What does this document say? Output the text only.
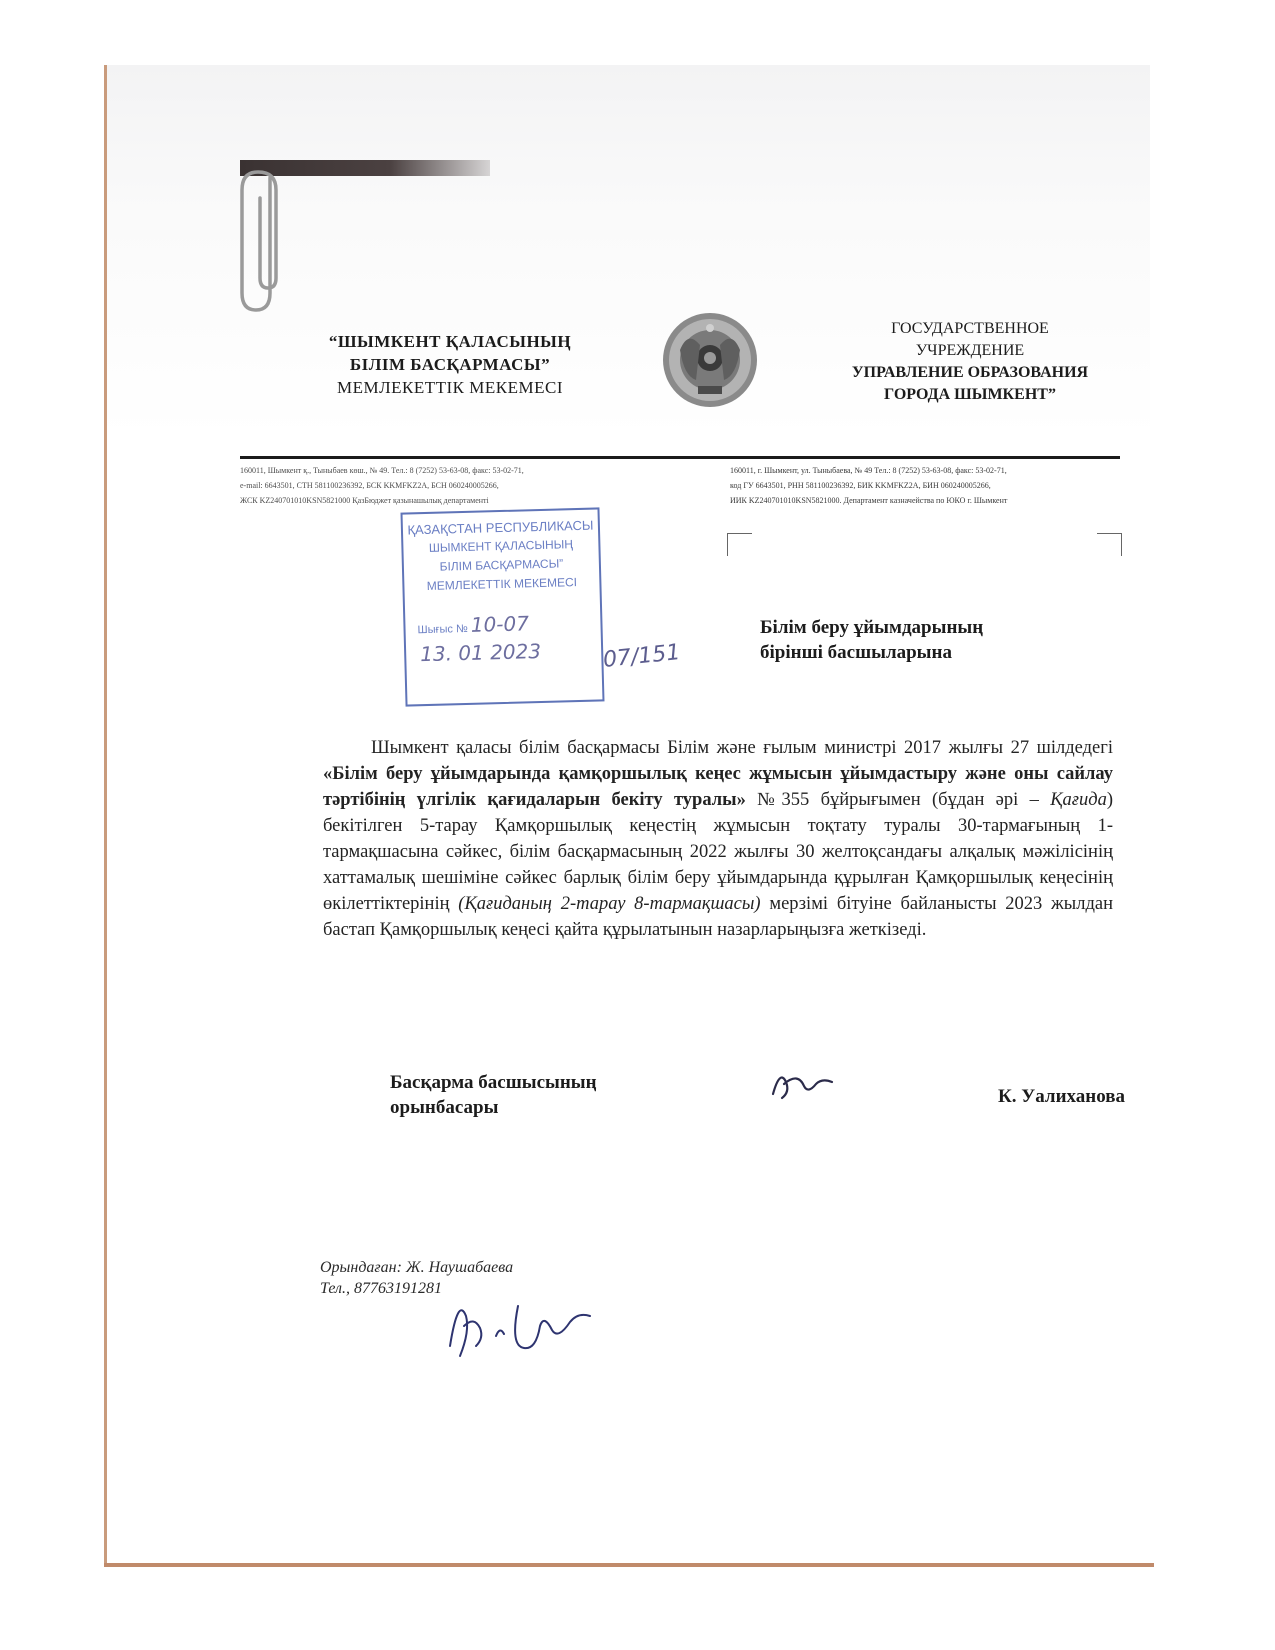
“ШЫМКЕНТ ҚАЛАСЫНЫҢ
БІЛІМ БАСҚАРМАСЫ”
МЕМЛЕКЕТТІК МЕКЕМЕСІ
ГОСУДАРСТВЕННОЕ
УЧРЕЖДЕНИЕ
УПРАВЛЕНИЕ ОБРАЗОВАНИЯ
ГОРОДА ШЫМКЕНТ”
160011, Шымкент қ., Тыныбаев көш., № 49. Тел.: 8 (7252) 53-63-08, факс: 53-02-71,
e-mail: 6643501, СТН 581100236392, БСК KKMFKZ2A, БСН 060240005266,
ЖСК KZ240701010KSN5821000 ҚазБюджет қазынашылық департаменті
160011, г. Шымкент, ул. Тыныбаева, № 49 Тел.: 8 (7252) 53-63-08, факс: 53-02-71,
код ГУ 6643501, РНН 581100236392, БИК KKMFKZ2A, БИН 060240005266,
ИИК KZ240701010KSN5821000. Департамент казначейства по ЮКО г. Шымкент
ҚАЗАҚСТАН РЕСПУБЛИКАСЫ
ШЫМКЕНТ ҚАЛАСЫНЫҢ
БІЛІМ БАСҚАРМАСЫ”
МЕМЛЕКЕТТІК МЕКЕМЕСІ
Шығыс № 10-07
13. 01 2023	07/151
Білім беру ұйымдарының
бірінші басшыларына
Шымкент қаласы білім басқармасы Білім және ғылым министрі 2017 жылғы 27 шілдедегі «Білім беру ұйымдарында қамқоршылық кеңес жұмысын ұйымдастыру және оны сайлау тәртібінің үлгілік қағидаларын бекіту туралы» №355 бұйрығымен (бұдан әрі – Қағида) бекітілген 5-тарау Қамқоршылық кеңестің жұмысын тоқтату туралы 30-тармағының 1-тармақшасына сәйкес, білім басқармасының 2022 жылғы 30 желтоқсандағы алқалық мәжілісінің хаттамалық шешіміне сәйкес барлық білім беру ұйымдарында құрылған Қамқоршылық кеңесінің өкілеттіктерінің (Қағиданың 2-тарау 8-тармақшасы) мерзімі бітуіне байланысты 2023 жылдан бастап Қамқоршылық кеңесі қайта құрылатынын назарларыңызға жеткізеді.
Басқарма басшысының
орынбасары
К. Уалиханова
Орындаған: Ж. Наушабаева
Тел., 87763191281
